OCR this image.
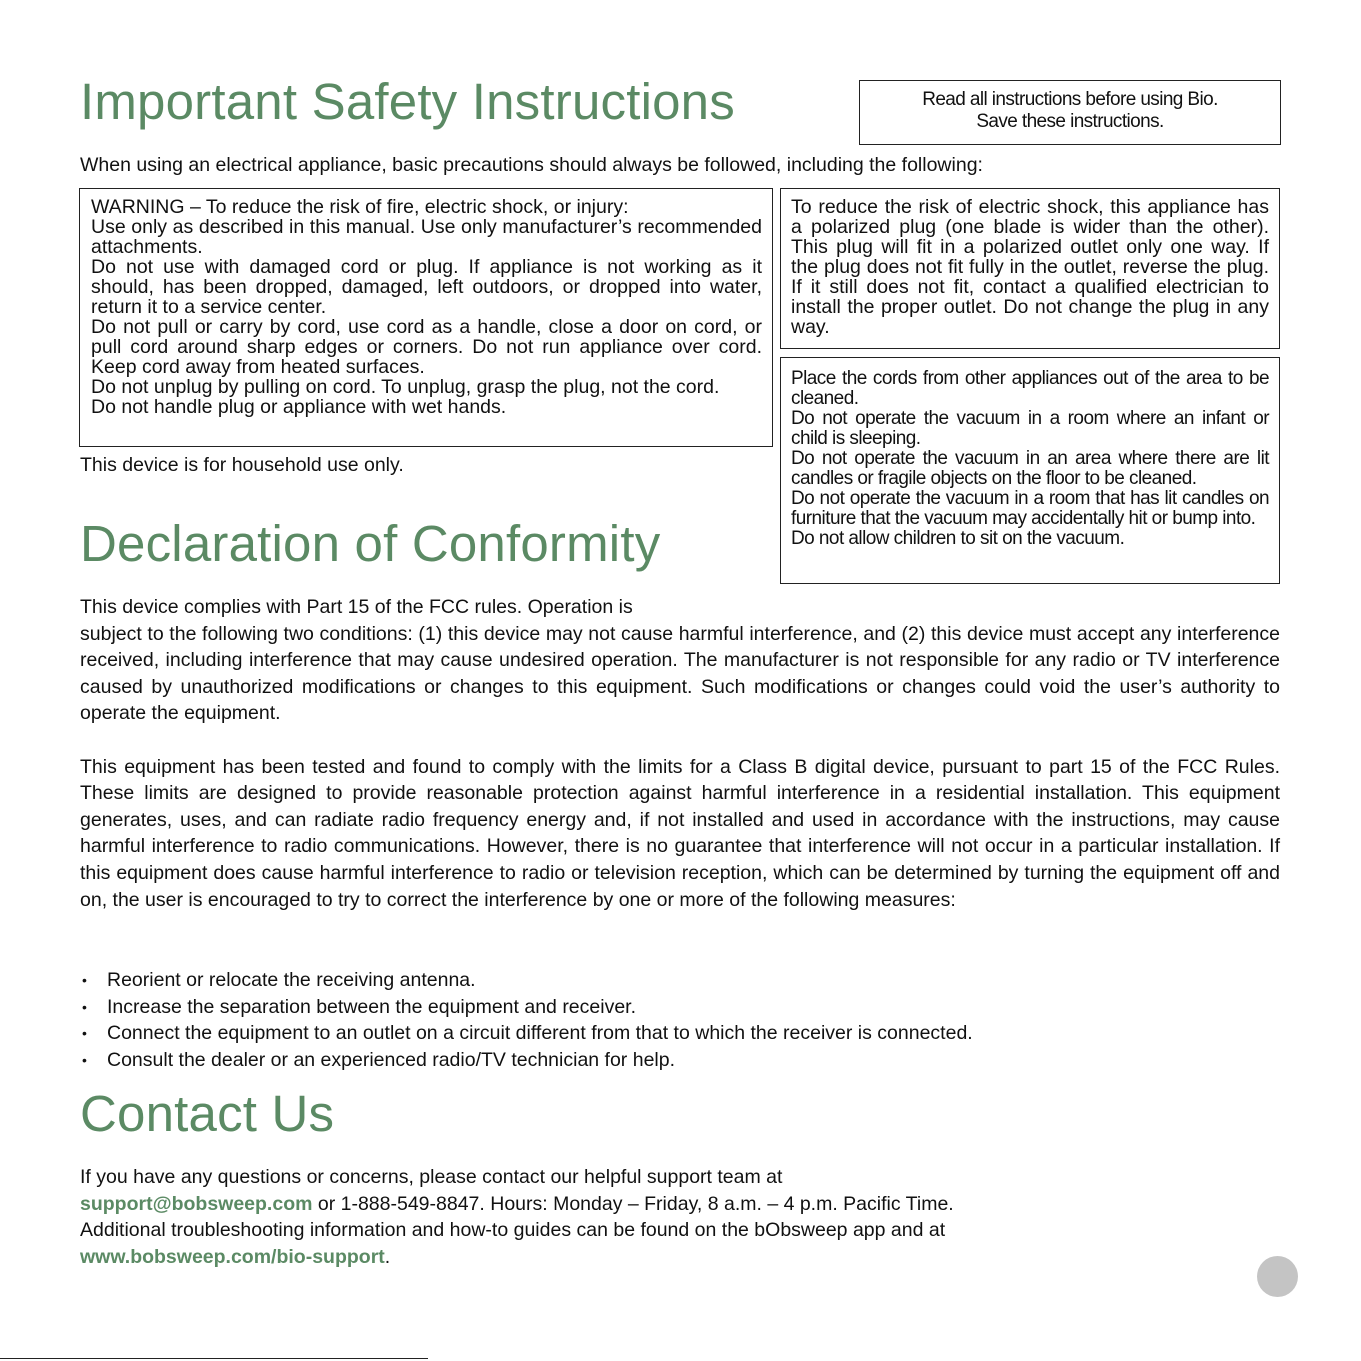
Important Safety Instructions	Read all instructions before using Bio.
Save these instructions.
When using an electrical appliance, basic precautions should always be followed, including the following:

WARNING – To reduce the risk of fire, electric shock, or injury:

Use only as described in this manual. Use only manufacturer’s recommended attachments.

Do not use with damaged cord or plug. If appliance is not working as it should, has been dropped, damaged, left outdoors, or dropped into water, return it to a service center.

Do not pull or carry by cord, use cord as a handle, close a door on cord, or pull cord around sharp edges or corners. Do not run appliance over cord. Keep cord away from heated surfaces.

Do not unplug by pulling on cord. To unplug, grasp the plug, not the cord.

Do not handle plug or appliance with wet hands.

To reduce the risk of electric shock, this appliance has a polarized plug (one blade is wider than the other). This plug will fit in a polarized outlet only one way. If the plug does not fit fully in the outlet, reverse the plug. If it still does not fit, contact a qualified electrician to install the proper outlet. Do not change the plug in any way.

Place the cords from other appliances out of the area to be cleaned.

Do not operate the vacuum in a room where an infant or child is sleeping.

Do not operate the vacuum in an area where there are lit candles or fragile objects on the floor to be cleaned.

Do not operate the vacuum in a room that has lit candles on furniture that the vacuum may accidentally hit or bump into.

Do not allow children to sit on the vacuum.

This device is for household use only.
Declaration of Conformity

This device complies with Part 15 of the FCC rules. Operation is

subject to the following two conditions: (1) this device may not cause harmful interference, and (2) this device must accept any interference received, including interference that may cause undesired operation. The manufacturer is not responsible for any radio or TV interference caused by unauthorized modifications or changes to this equipment. Such modifications or changes could void the user’s authority to operate the equipment.

This equipment has been tested and found to comply with the limits for a Class B digital device, pursuant to part 15 of the FCC Rules. These limits are designed to provide reasonable protection against harmful interference in a residential installation. This equipment generates, uses, and can radiate radio frequency energy and, if not installed and used in accordance with the instructions, may cause harmful interference to radio communications. However, there is no guarantee that interference will not occur in a particular installation. If this equipment does cause harmful interference to radio or television reception, which can be determined by turning the equipment off and on, the user is encouraged to try to correct the interference by one or more of the following measures:

• Reorient or relocate the receiving antenna.
• Increase the separation between the equipment and receiver.
• Connect the equipment to an outlet on a circuit different from that to which the receiver is connected.
• Consult the dealer or an experienced radio/TV technician for help.
Contact Us

If you have any questions or concerns, please contact our helpful support team at

support@bobsweep.com or 1-888-549-8847. Hours: Monday – Friday, 8 a.m. – 4 p.m. Pacific Time.

Additional troubleshooting information and how-to guides can be found on the bObsweep app and at

www.bobsweep.com/bio-support.
